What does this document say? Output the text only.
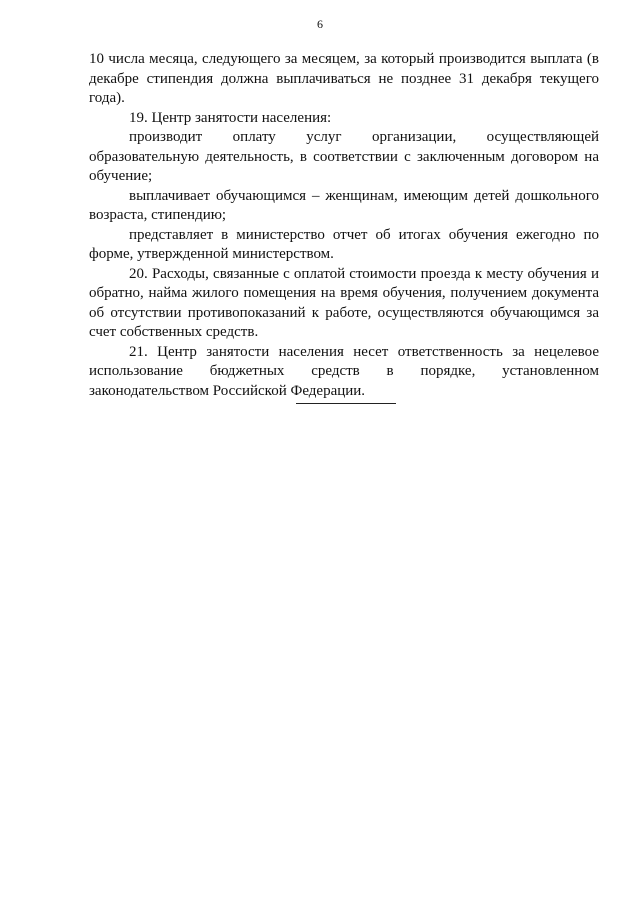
6

10 числа месяца, следующего за месяцем, за который производится выплата (в декабре стипендия должна выплачиваться не позднее 31 декабря текущего года).

19. Центр занятости населения:

производит оплату услуг организации, осуществляющей образовательную деятельность, в соответствии с заключенным договором на обучение;

выплачивает обучающимся – женщинам, имеющим детей дошкольного возраста, стипендию;

представляет в министерство отчет об итогах обучения ежегодно по форме, утвержденной министерством.

20. Расходы, связанные с оплатой стоимости проезда к месту обучения и обратно, найма жилого помещения на время обучения, получением документа об отсутствии противопоказаний к работе, осуществляются обучающимся за счет собственных средств.

21. Центр занятости населения несет ответственность за нецелевое использование бюджетных средств в порядке, установленном законодательством Российской Федерации.
